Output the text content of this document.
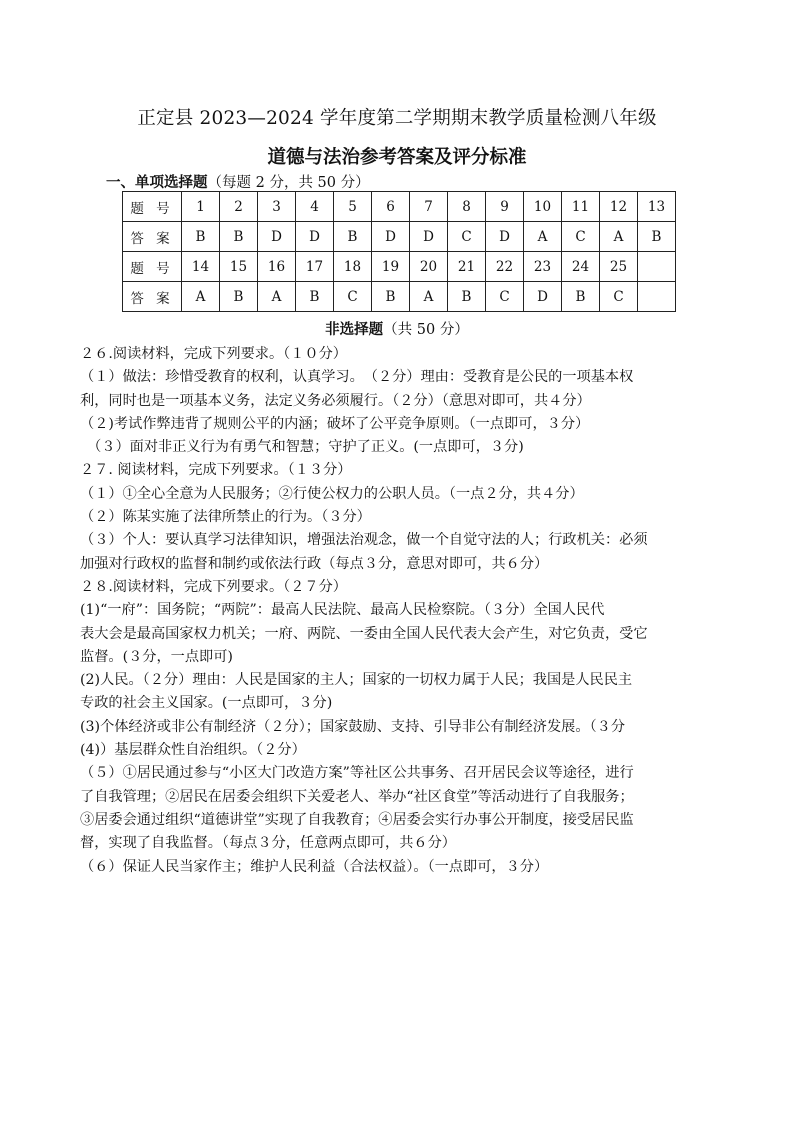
正定县 2023—2024 学年度第二学期期末教学质量检测八年级
道德与法治参考答案及评分标准
一、单项选择题（每题 2 分，共 50 分）
题 号	1	2	3	4	5	6	7	8	9	10	11	12	13
答 案	B	B	D	D	B	D	D	C	D	A	C	A	B
题 号	14	15	16	17	18	19	20	21	22	23	24	25	
答 案	A	B	A	B	C	B	A	B	C	D	B	C	
非选择题（共 50 分）

２６.阅读材料，完成下列要求。（１０分）

（１）做法：珍惜受教育的权利，认真学习。　（２分）理由：受教育是公民的一项基本权

利，同时也是一项基本义务，法定义务必须履行。（２分）（意思对即可，共４分）

（２)考试作弊违背了规则公平的内涵；破坏了公平竞争原则。（一点即可，３分）

　（３）面对非正义行为有勇气和智慧；守护了正义。(一点即可，３分)

２７. 阅读材料，完成下列要求。（１３分）

（１）①全心全意为人民服务；②行使公权力的公职人员。（一点２分，共４分）

（２）陈某实施了法律所禁止的行为。（３分）

（３）个人：要认真学习法律知识，增强法治观念，做一个自觉守法的人；行政机关：必须

加强对行政权的监督和制约或依法行政（每点３分，意思对即可，共６分）

２８.阅读材料，完成下列要求。（２７分）

(1)“一府”：国务院；“两院”：最高人民法院、最高人民检察院。（３分）全国人民代

表大会是最高国家权力机关；一府、两院、一委由全国人民代表大会产生，对它负责，受它

监督。(３分，一点即可)

(2)人民。（２分）理由：人民是国家的主人；国家的一切权力属于人民；我国是人民民主

专政的社会主义国家。(一点即可，３分)

(3)个体经济或非公有制经济（２分）；国家鼓励、支持、引导非公有制经济发展。（３分

(4)）基层群众性自治组织。（２分）

（５）①居民通过参与“小区大门改造方案”等社区公共事务、召开居民会议等途径，进行

了自我管理；②居民在居委会组织下关爱老人、举办“社区食堂”等活动进行了自我服务；

③居委会通过组织“道德讲堂”实现了自我教育；④居委会实行办事公开制度，接受居民监

督，实现了自我监督。（每点３分，任意两点即可，共６分）

（６）保证人民当家作主；维护人民利益（合法权益）。（一点即可，３分）
